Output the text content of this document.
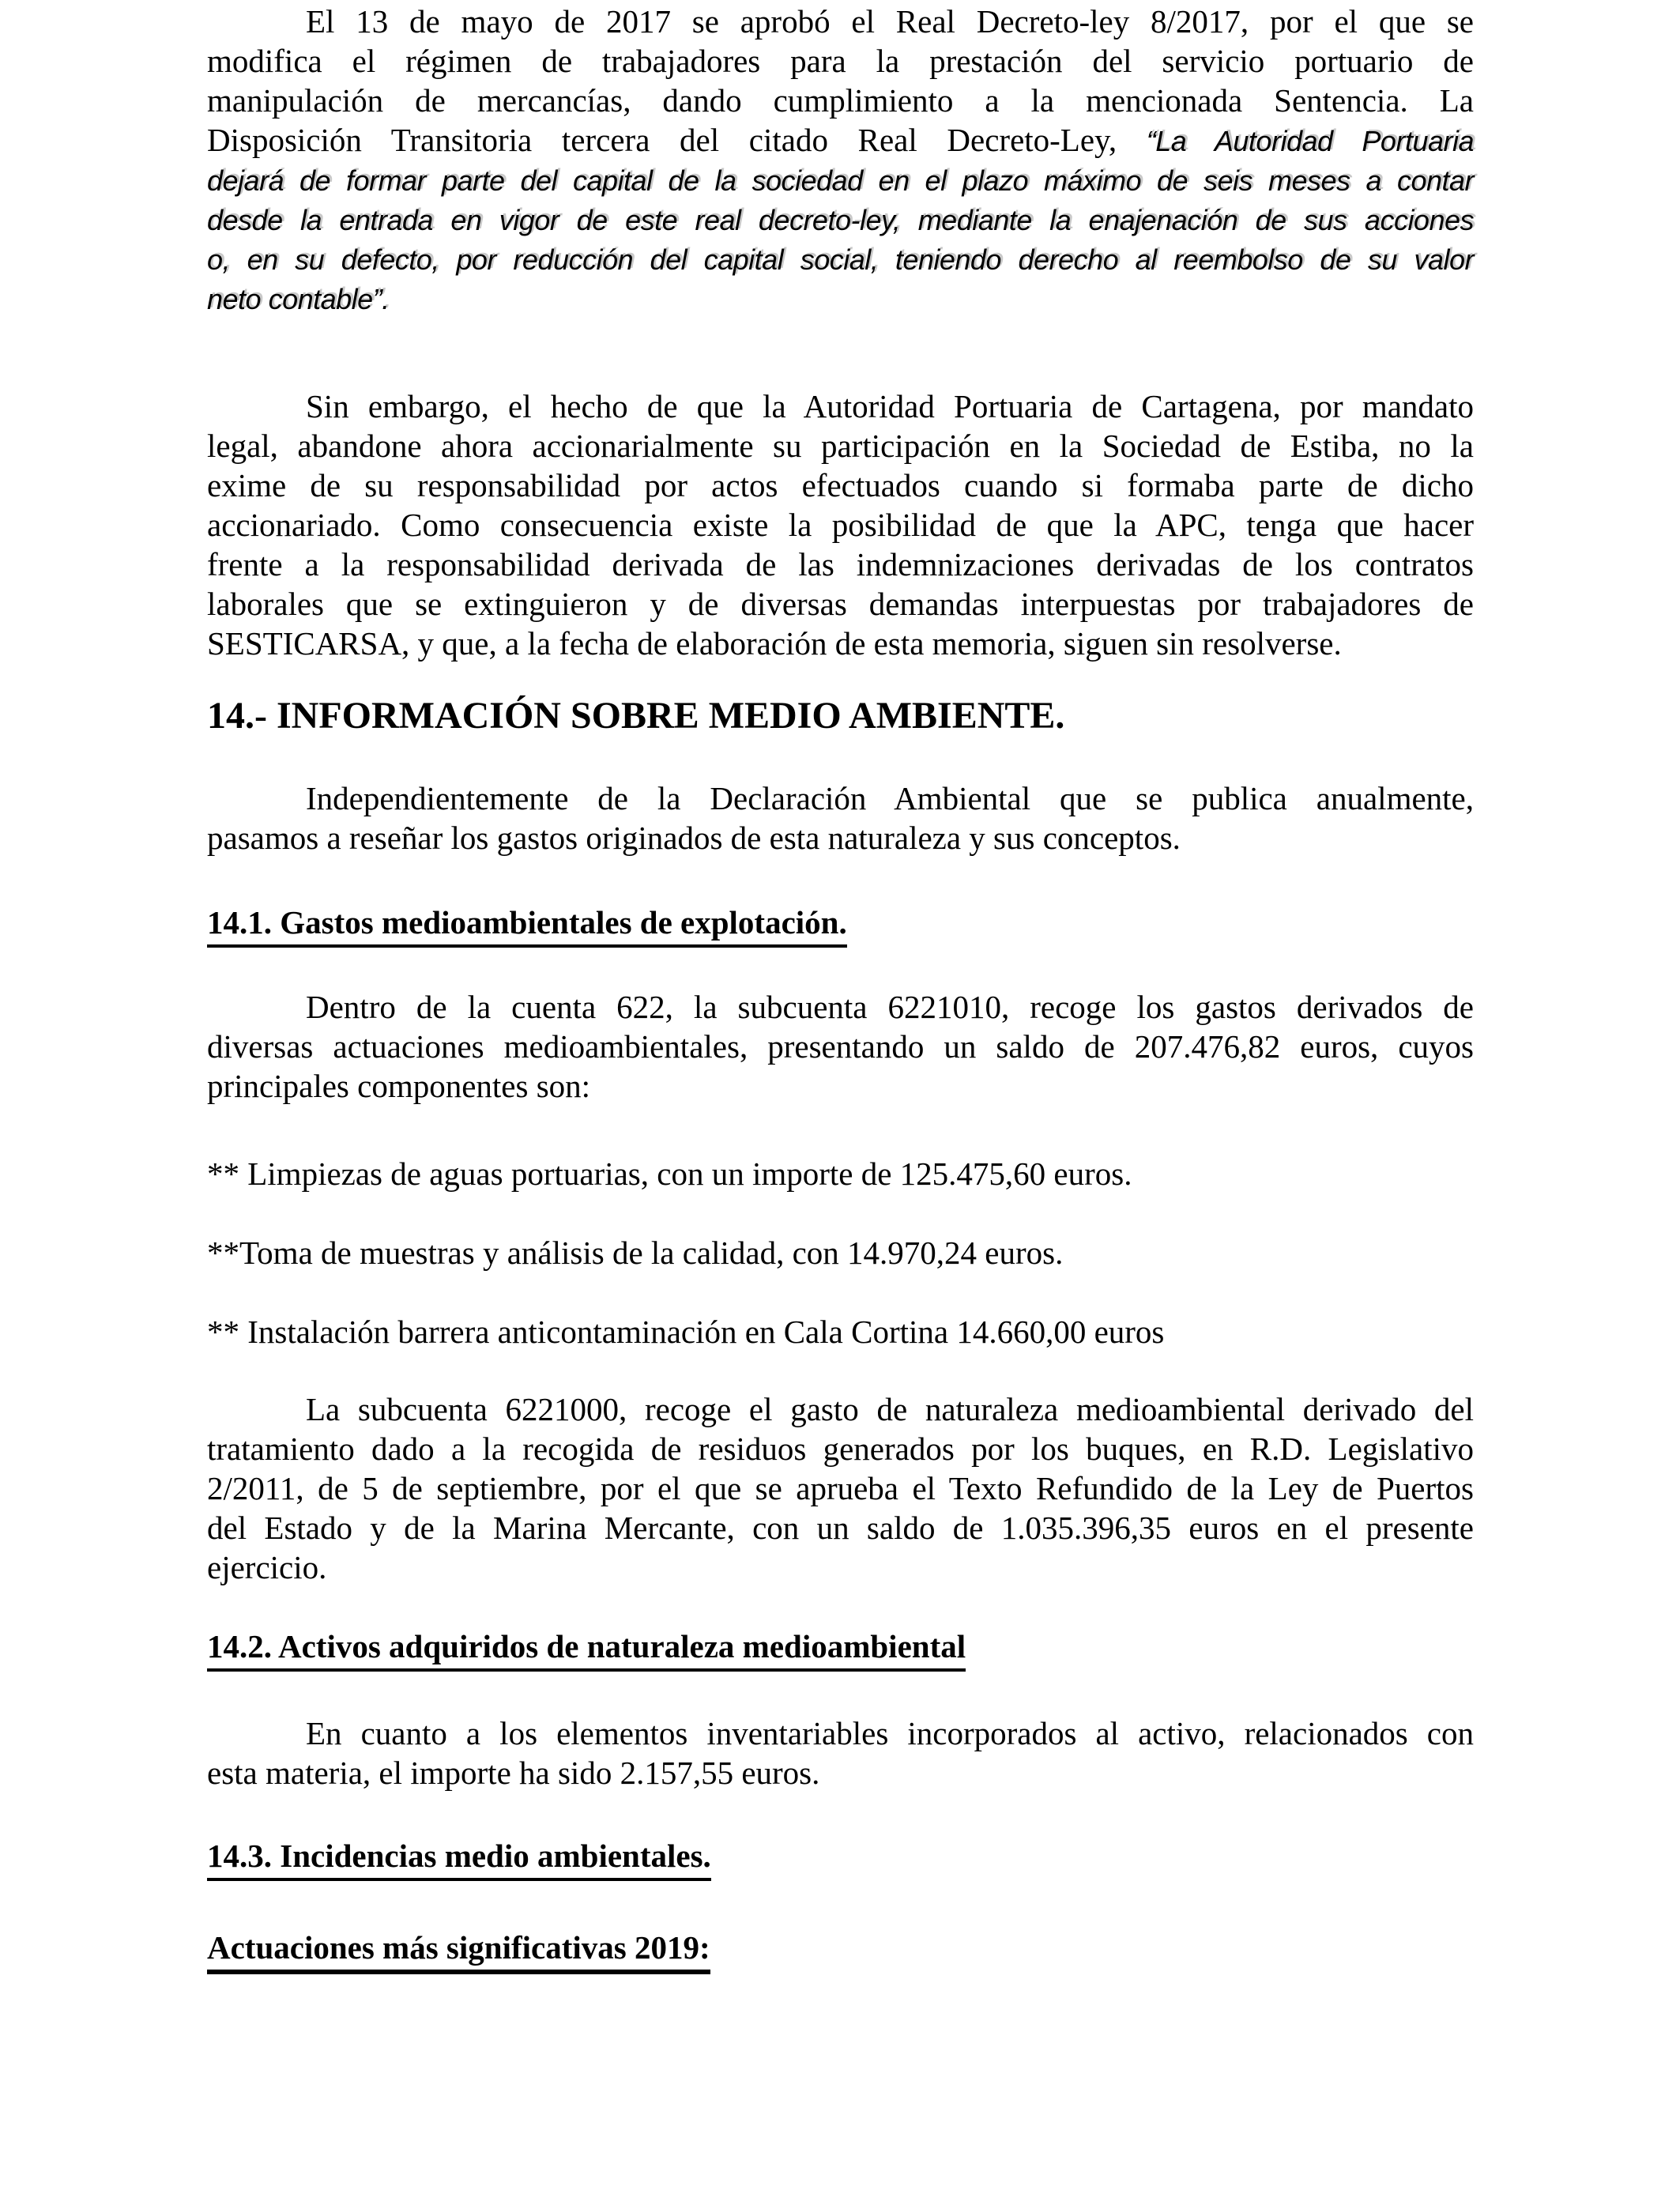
El 13 de mayo de 2017 se aprobó el Real Decreto-ley 8/2017, por el que se
modifica el régimen de trabajadores para la prestación del servicio portuario de
manipulación de mercancías, dando cumplimiento a la mencionada Sentencia. La
Disposición Transitoria tercera del citado Real Decreto-Ley, “La Autoridad Portuaria
dejará de formar parte del capital de la sociedad en el plazo máximo de seis meses a contar
desde la entrada en vigor de este real decreto-ley, mediante la enajenación de sus acciones
o, en su defecto, por reducción del capital social, teniendo derecho al reembolso de su valor
neto contable”.
Sin embargo, el hecho de que la Autoridad Portuaria de Cartagena, por mandato
legal, abandone ahora accionarialmente su participación en la Sociedad de Estiba, no la
exime de su responsabilidad por actos efectuados cuando si formaba parte de dicho
accionariado. Como consecuencia existe la posibilidad de que la APC, tenga que hacer
frente a la responsabilidad derivada de las indemnizaciones derivadas de los contratos
laborales que se extinguieron y de diversas demandas interpuestas por trabajadores de
SESTICARSA, y que, a la fecha de elaboración de esta memoria, siguen sin resolverse.
14.- INFORMACIÓN SOBRE MEDIO AMBIENTE.
Independientemente de la Declaración Ambiental que se publica anualmente,
pasamos a reseñar los gastos originados de esta naturaleza y sus conceptos.
14.1. Gastos medioambientales de explotación.
Dentro de la cuenta 622, la subcuenta 6221010, recoge los gastos derivados de
diversas actuaciones medioambientales, presentando un saldo de 207.476,82 euros, cuyos
principales componentes son:
** Limpiezas de aguas portuarias, con un importe de 125.475,60 euros.
**Toma de muestras y análisis de la calidad, con 14.970,24 euros.
** Instalación barrera anticontaminación en Cala Cortina 14.660,00 euros
La subcuenta 6221000, recoge el gasto de naturaleza medioambiental derivado del
tratamiento dado a la recogida de residuos generados por los buques, en R.D. Legislativo
2/2011, de 5 de septiembre, por el que se aprueba el Texto Refundido de la Ley de Puertos
del Estado y de la Marina Mercante, con un saldo de 1.035.396,35 euros en el presente
ejercicio.
14.2. Activos adquiridos de naturaleza medioambiental
En cuanto a los elementos inventariables incorporados al activo, relacionados con
esta materia, el importe ha sido 2.157,55 euros.
14.3. Incidencias medio ambientales.
Actuaciones más significativas 2019:
